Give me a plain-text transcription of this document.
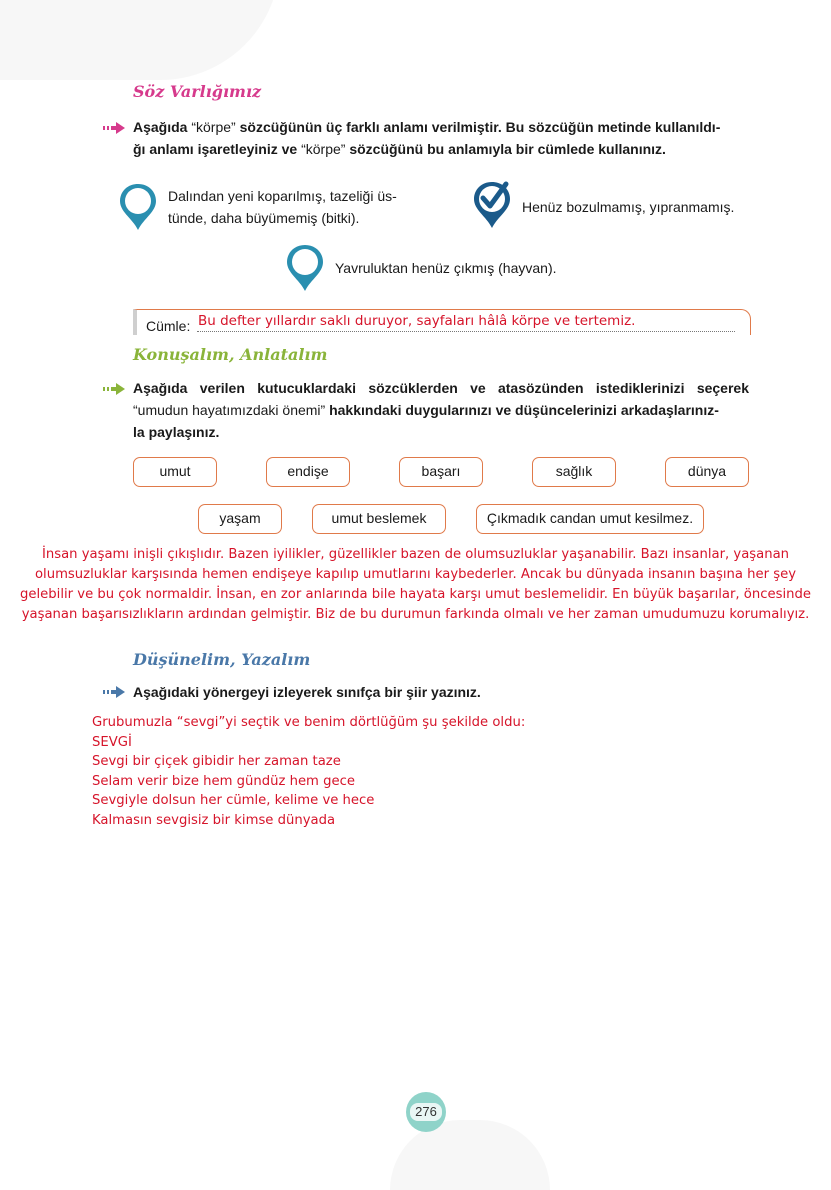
Söz Varlığımız
Aşağıda “körpe” sözcüğünün üç farklı anlamı verilmiştir. Bu sözcüğün metinde kullanıldı-
ğı anlamı işaretleyiniz ve “körpe” sözcüğünü bu anlamıyla bir cümlede kullanınız.
Dalından yeni koparılmış, tazeliği üs-
tünde, daha büyümemiş (bitki).
Henüz bozulmamış, yıpranmamış.
Yavruluktan henüz çıkmış (hayvan).
Cümle: Bu defter yıllardır saklı duruyor, sayfaları hâlâ körpe ve tertemiz.
Konuşalım, Anlatalım
Aşağıda verilen kutucuklardaki sözcüklerden ve atasözünden istediklerinizi seçerek
“umudun hayatımızdaki önemi” hakkındaki duygularınızı ve düşüncelerinizi arkadaşlarınız-
la paylaşınız.
umut	endişe	başarı	sağlık	dünya
yaşam	umut beslemek	Çıkmadık candan umut kesilmez.
İnsan yaşamı inişli çıkışlıdır. Bazen iyilikler, güzellikler bazen de olumsuzluklar yaşanabilir. Bazı insanlar, yaşanan
olumsuzluklar karşısında hemen endişeye kapılıp umutlarını kaybederler. Ancak bu dünyada insanın başına her şey
gelebilir ve bu çok normaldir. İnsan, en zor anlarında bile hayata karşı umut beslemelidir. En büyük başarılar, öncesinde
yaşanan başarısızlıkların ardından gelmiştir. Biz de bu durumun farkında olmalı ve her zaman umudumuzu korumalıyız.
Düşünelim, Yazalım
Aşağıdaki yönergeyi izleyerek sınıfça bir şiir yazınız.
Grubumuzla “sevgi”yi seçtik ve benim dörtlüğüm şu şekilde oldu:
SEVGİ
Sevgi bir çiçek gibidir her zaman taze
Selam verir bize hem gündüz hem gece
Sevgiyle dolsun her cümle, kelime ve hece
Kalmasın sevgisiz bir kimse dünyada
276
